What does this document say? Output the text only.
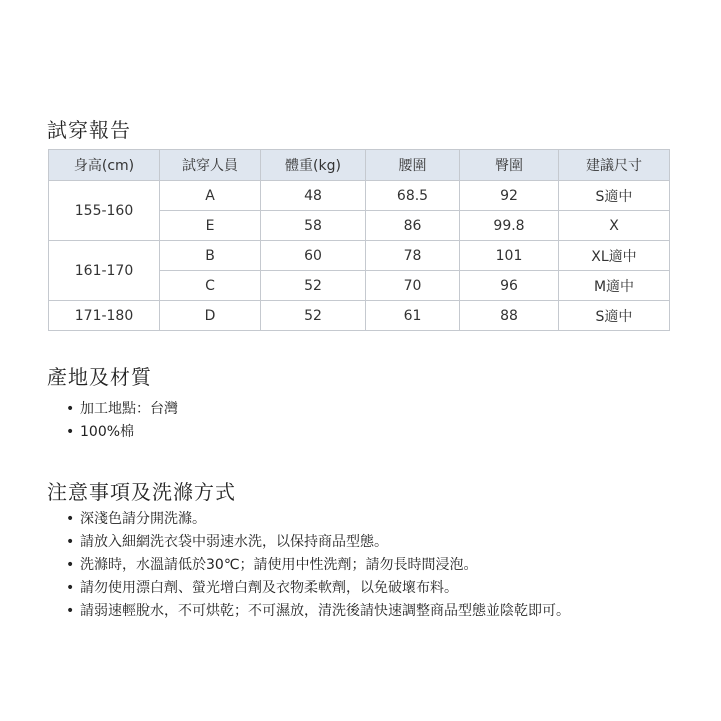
試穿報告
身高(cm)	試穿人員	體重(kg)	腰圍	臀圍	建議尺寸
155-160	A	48	68.5	92	S適中
	E	58	86	99.8	X
161-170	B	60	78	101	XL適中
	C	52	70	96	M適中
171-180	D	52	61	88	S適中
產地及材質
• 加工地點：台灣
• 100%棉
注意事項及洗滌方式
• 深淺色請分開洗滌。
• 請放入細網洗衣袋中弱速水洗，以保持商品型態。
• 洗滌時，水溫請低於30℃；請使用中性洗劑；請勿長時間浸泡。
• 請勿使用漂白劑、螢光增白劑及衣物柔軟劑，以免破壞布料。
• 請弱速輕脫水，不可烘乾；不可濕放，清洗後請快速調整商品型態並陰乾即可。
